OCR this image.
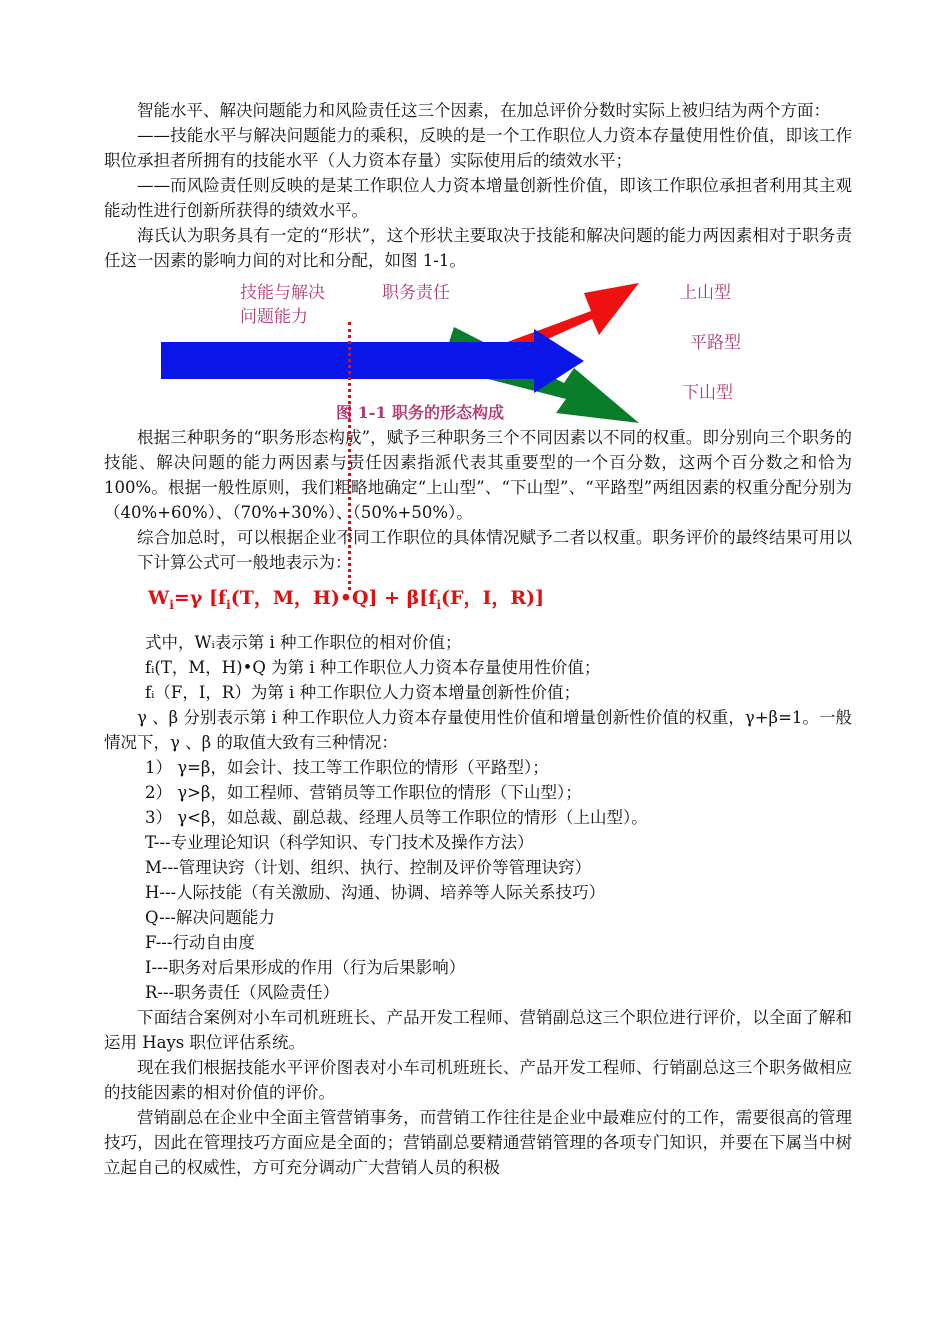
智能水平、解决问题能力和风险责任这三个因素，在加总评价分数时实际上被归结为两个方面：

——技能水平与解决问题能力的乘积，反映的是一个工作职位人力资本存量使用性价值，即该工作职位承担者所拥有的技能水平（人力资本存量）实际使用后的绩效水平；

——而风险责任则反映的是某工作职位人力资本增量创新性价值，即该工作职位承担者利用其主观能动性进行创新所获得的绩效水平。

海氏认为职务具有一定的“形状”，这个形状主要取决于技能和解决问题的能力两因素相对于职务责任这一因素的影响力间的对比和分配，如图 1-1。

技能与解决
问题能力
职务责任	上山型
平路型
下山型
图 1-1 职务的形态构成

根据三种职务的“职务形态构成”，赋予三种职务三个不同因素以不同的权重。即分别向三个职务的技能、解决问题的能力两因素与责任因素指派代表其重要型的一个百分数，这两个百分数之和恰为 100%。根据一般性原则，我们粗略地确定“上山型”、“下山型”、“平路型”两组因素的权重分配分别为（40%+60%）、（70%+30%）、（50%+50%）。

综合加总时，可以根据企业不同工作职位的具体情况赋予二者以权重。职务评价的最终结果可用以下计算公式可一般地表示为：

$W_i=\gamma$ [$f_i(T$，M，H)•Q] + $\beta[f_i(F$，I，R)]

式中，Wᵢ表示第 i 种工作职位的相对价值；

fᵢ(T，M，H)•Q 为第 i 种工作职位人力资本存量使用性价值；

fᵢ（F，I，R）为第 i 种工作职位人力资本增量创新性价值；

γ 、β 分别表示第 i 种工作职位人力资本存量使用性价值和增量创新性价值的权重，γ+β=1。一般情况下，γ 、β 的取值大致有三种情况：

1） γ=β，如会计、技工等工作职位的情形（平路型）；

2） γ>β，如工程师、营销员等工作职位的情形（下山型）；

3） γ<β，如总裁、副总裁、经理人员等工作职位的情形（上山型）。

T---专业理论知识（科学知识、专门技术及操作方法）

M---管理诀窍（计划、组织、执行、控制及评价等管理诀窍）

H---人际技能（有关激励、沟通、协调、培养等人际关系技巧）

Q---解决问题能力

F---行动自由度

I---职务对后果形成的作用（行为后果影响）

R---职务责任（风险责任）

下面结合案例对小车司机班班长、产品开发工程师、营销副总这三个职位进行评价，以全面了解和运用 Hays 职位评估系统。

现在我们根据技能水平评价图表对小车司机班班长、产品开发工程师、行销副总这三个职务做相应的技能因素的相对价值的评价。

营销副总在企业中全面主管营销事务，而营销工作往往是企业中最难应付的工作，需要很高的管理技巧，因此在管理技巧方面应是全面的；营销副总要精通营销管理的各项专门知识，并要在下属当中树立起自己的权威性，方可充分调动广大营销人员的积极
